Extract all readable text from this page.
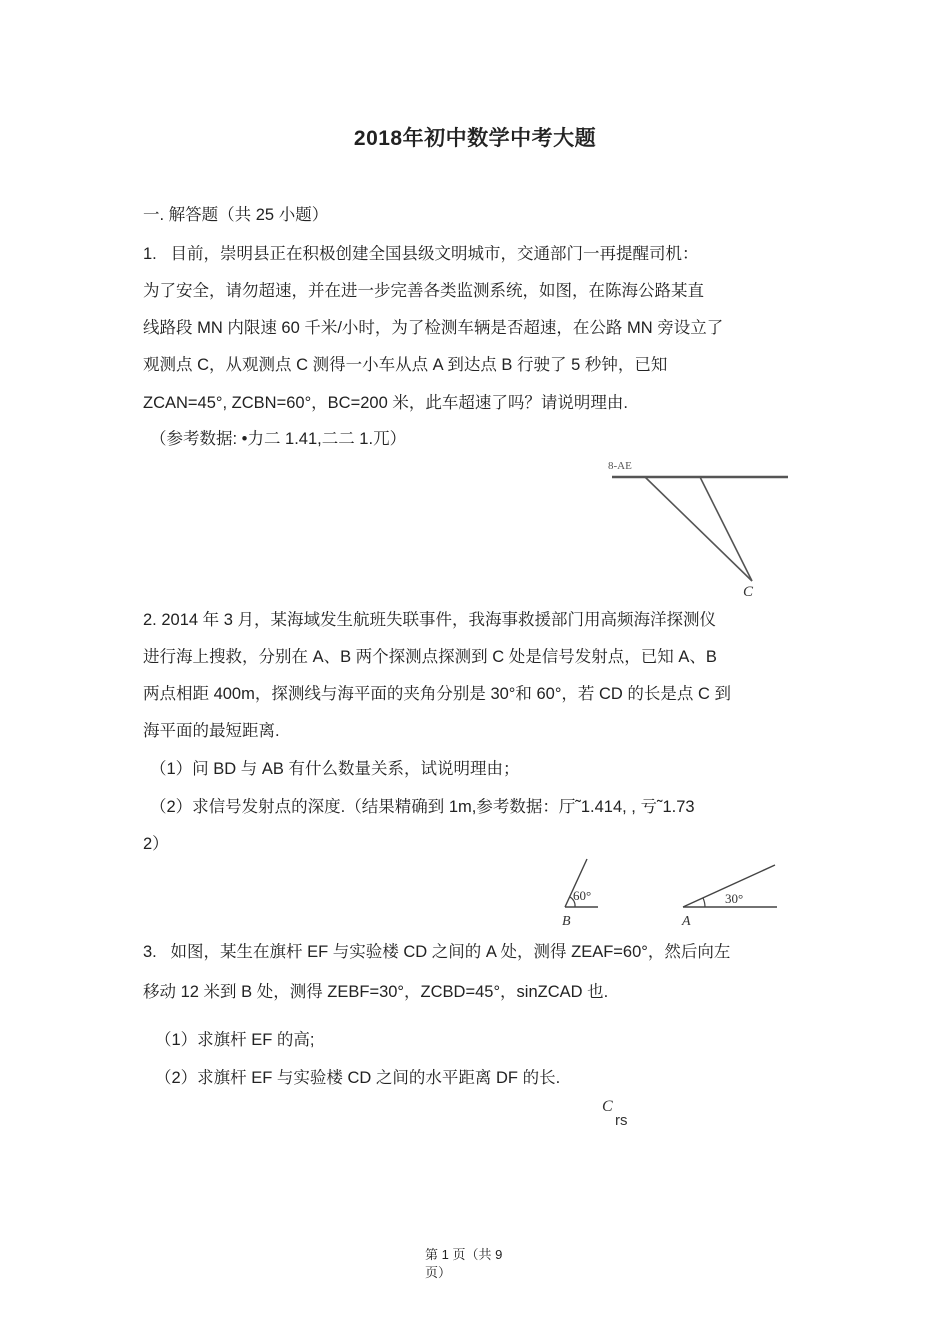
2018年初中数学中考大题
一. 解答题（共 25 小题）
1.   目前，崇明县正在积极创建全国县级文明城市，交通部门一再提醒司机：
为了安全，请勿超速，并在进一步完善各类监测系统，如图，在陈海公路某直
线路段 MN 内限速 60 千米/小时，为了检测车辆是否超速，在公路 MN 旁设立了
观测点 C，从观测点 C 测得一小车从点 A 到达点 B 行驶了 5 秒钟，已知
ZCAN=45°, ZCBN=60°，BC=200 米，此车超速了吗？请说明理由.
（参考数据: •力二 1.41,二二 1.兀）
8-AE
C
2. 2014 年 3 月，某海域发生航班失联事件，我海事救援部门用高频海洋探测仪
进行海上搜救，分别在 A、B 两个探测点探测到 C 处是信号发射点，已知 A、B
两点相距 400m，探测线与海平面的夹角分别是 30°和 60°，若 CD 的长是点 C 到
海平面的最短距离.
（1）问 BD 与 AB 有什么数量关系，试说明理由；
（2）求信号发射点的深度.（结果精确到 1m,参考数据：厅˜1.414, , 亏˜1.73
2）
60°
B
30°
A
3.   如图，某生在旗杆 EF 与实验楼 CD 之间的 A 处，测得 ZEAF=60°，然后向左
移动 12 米到 B 处，测得 ZEBF=30°，ZCBD=45°，sinZCAD 也.
（1）求旗杆 EF 的高;
（2）求旗杆 EF 与实验楼 CD 之间的水平距离 DF 的长.
C
rs
第 1 页（共 9
页）
